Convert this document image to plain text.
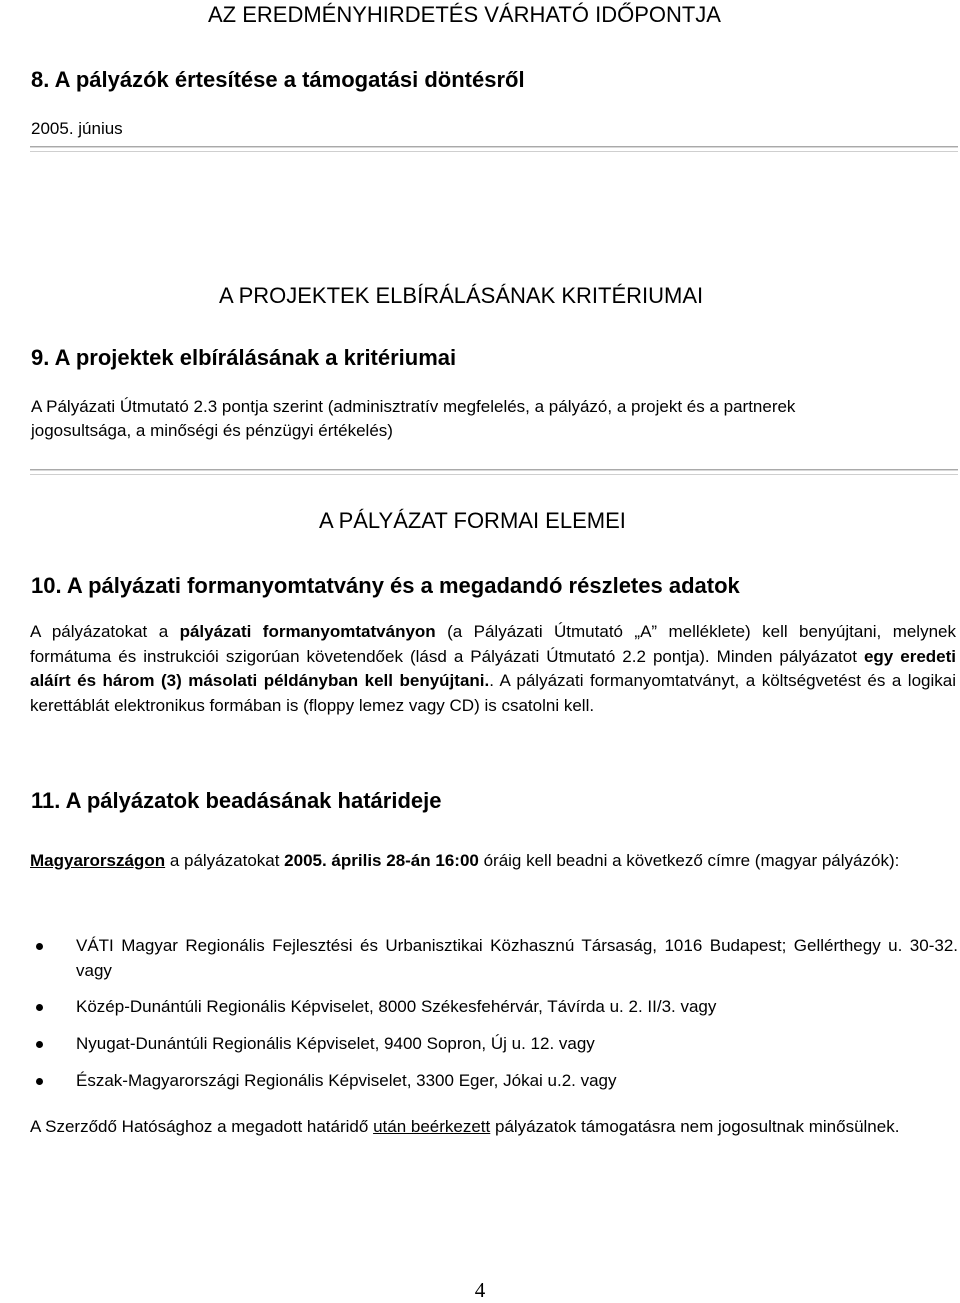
AZ EREDMÉNYHIRDETÉS VÁRHATÓ IDŐPONTJA
8. A pályázók értesítése a támogatási döntésről
2005. június
A PROJEKTEK ELBÍRÁLÁSÁNAK KRITÉRIUMAI
9. A projektek elbírálásának a kritériumai
A Pályázati Útmutató 2.3 pontja szerint (adminisztratív megfelelés, a pályázó, a projekt és a partnerek
jogosultsága, a minőségi és pénzügyi értékelés)
A PÁLYÁZAT FORMAI ELEMEI
10. A pályázati formanyomtatvány és a megadandó részletes adatok
A pályázatokat a pályázati formanyomtatványon (a Pályázati Útmutató „A” melléklete) kell benyújtani, melynek formátuma és instrukciói szigorúan követendőek (lásd a Pályázati Útmutató 2.2 pontja). Minden pályázatot egy eredeti aláírt és három (3) másolati példányban kell benyújtani.. A pályázati formanyomtatványt, a költségvetést és a logikai kerettáblát elektronikus formában is (floppy lemez vagy CD) is csatolni kell.
11. A pályázatok beadásának határideje
Magyarországon a pályázatokat 2005. április 28-án 16:00 óráig kell beadni a következő címre (magyar pályázók):
VÁTI Magyar Regionális Fejlesztési és Urbanisztikai Közhasznú Társaság, 1016 Budapest; Gellérthegy u. 30-32. vagy
Közép-Dunántúli Regionális Képviselet, 8000 Székesfehérvár, Távírda u. 2. II/3. vagy
Nyugat-Dunántúli Regionális Képviselet, 9400 Sopron, Új u. 12. vagy
Észak-Magyarországi Regionális Képviselet, 3300 Eger, Jókai u.2. vagy
A Szerződő Hatósághoz a megadott határidő után beérkezett pályázatok támogatásra nem jogosultnak minősülnek.
4
